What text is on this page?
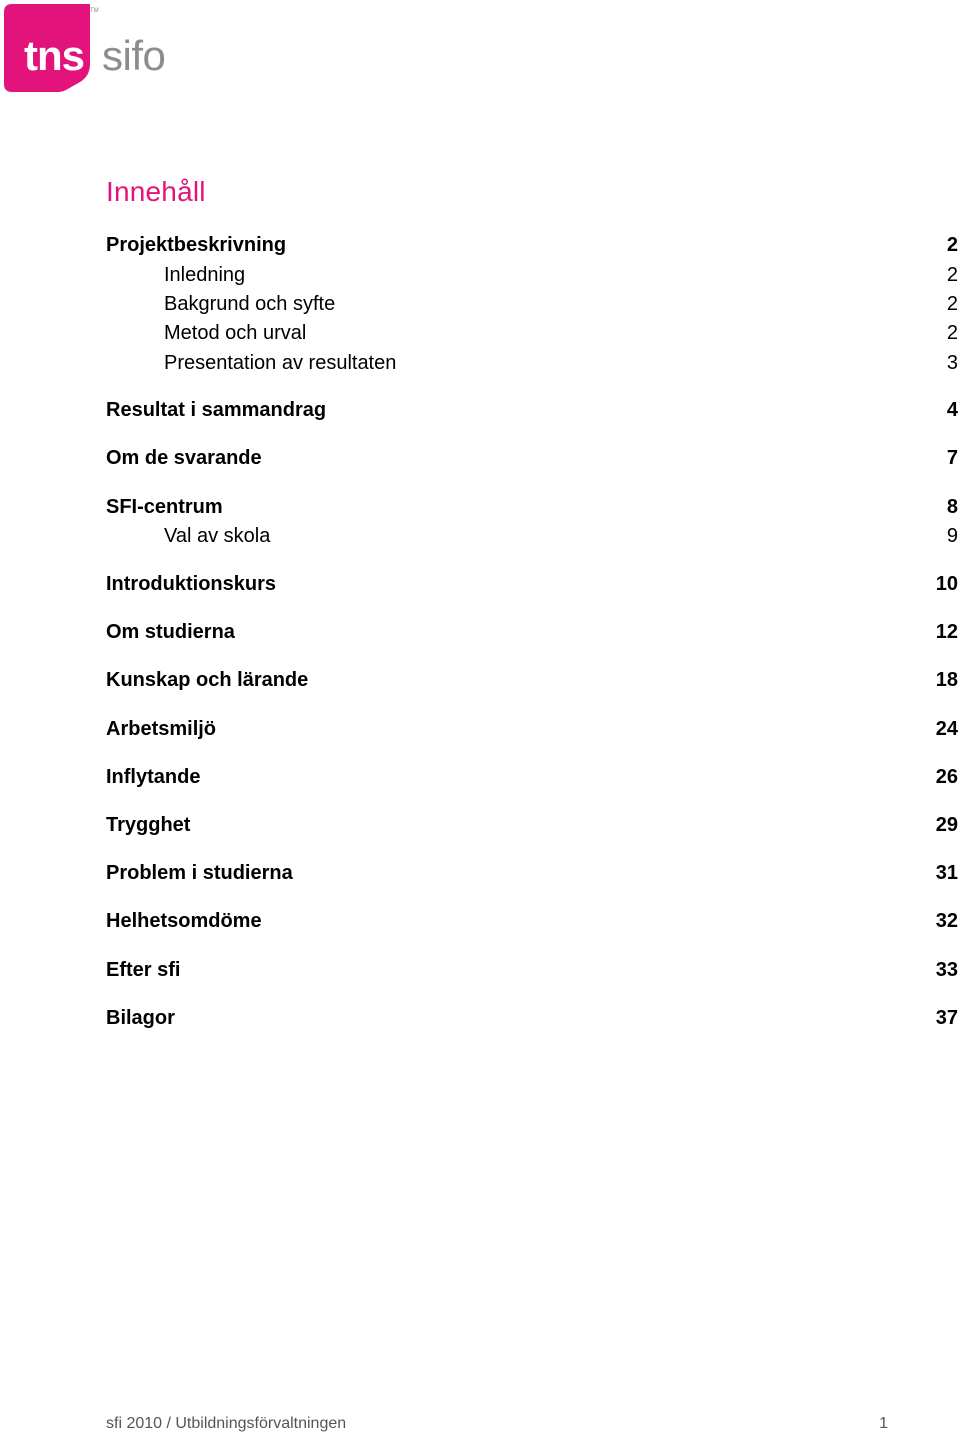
tns sifo
TM
Innehåll
Projektbeskrivning	2
Inledning	2
Bakgrund och syfte	2
Metod och urval	2
Presentation av resultaten	3
Resultat i sammandrag	4
Om de svarande	7
SFI-centrum	8
Val av skola	9
Introduktionskurs	10
Om studierna	12
Kunskap och lärande	18
Arbetsmiljö	24
Inflytande	26
Trygghet	29
Problem i studierna	31
Helhetsomdöme	32
Efter sfi	33
Bilagor	37
sfi 2010 / Utbildningsförvaltningen	1
